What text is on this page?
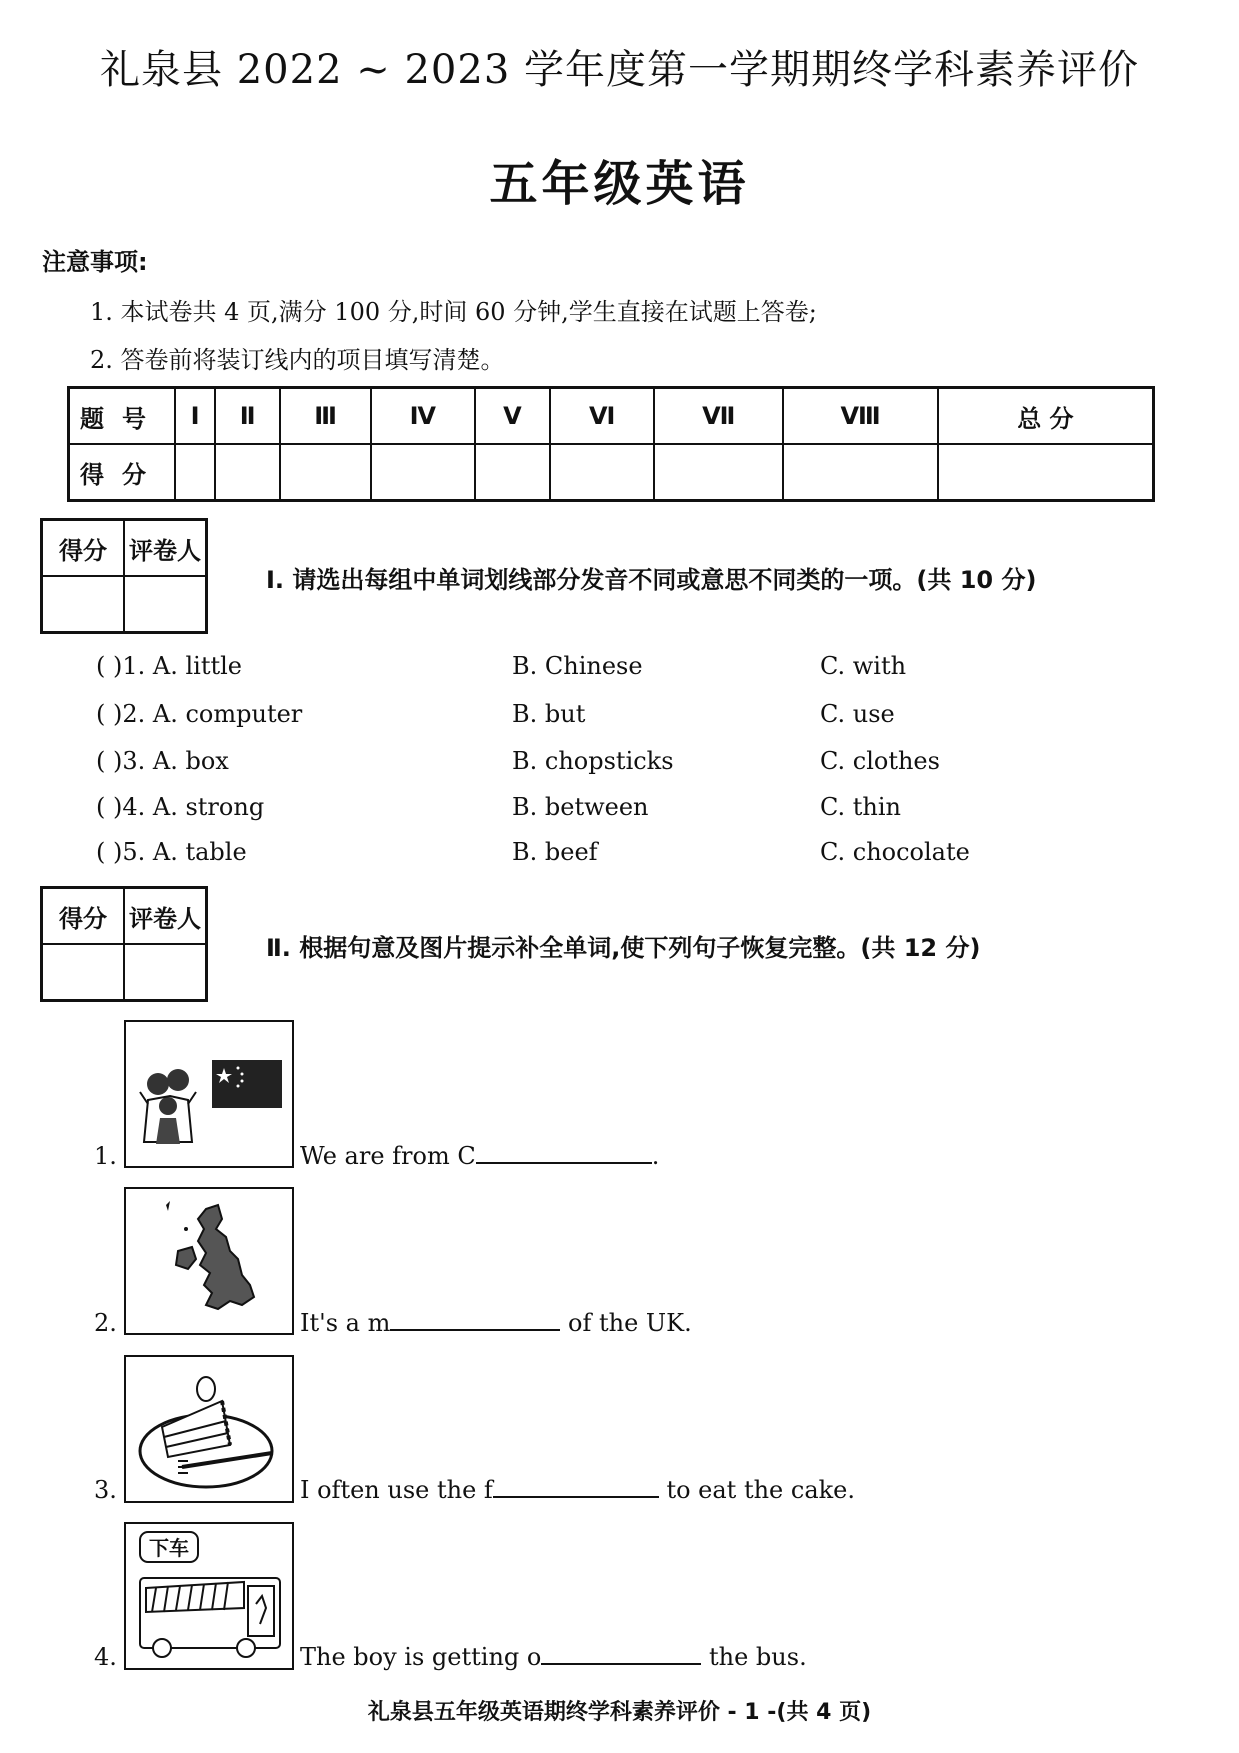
礼泉县 2022 ~ 2023 学年度第一学期期终学科素养评价
五年级英语
注意事项:
1. 本试卷共 4 页,满分 100 分,时间 60 分钟,学生直接在试题上答卷;
2. 答卷前将装订线内的项目填写清楚。
题号	Ⅰ	Ⅱ	Ⅲ	Ⅳ	Ⅴ	Ⅵ	Ⅶ	Ⅷ	总 分
得分									
得分	评卷人

Ⅰ. 请选出每组中单词划线部分发音不同或意思不同类的一项。(共 10 分)
( )1. A. little	B. Chinese	C. with
( )2. A. computer	B. but	C. use
( )3. A. box	B. chopsticks	C. clothes
( )4. A. strong	B. between	C. thin
( )5. A. table	B. beef	C. chocolate
得分	评卷人

Ⅱ. 根据句意及图片提示补全单词,使下列句子恢复完整。(共 12 分)
1.	We are from C	.
2.	It's a m	of the UK.
3.	I often use the f	to eat the cake.
4.
下车
The boy is getting o	the bus.
礼泉县五年级英语期终学科素养评价 - 1 -(共 4 页)
